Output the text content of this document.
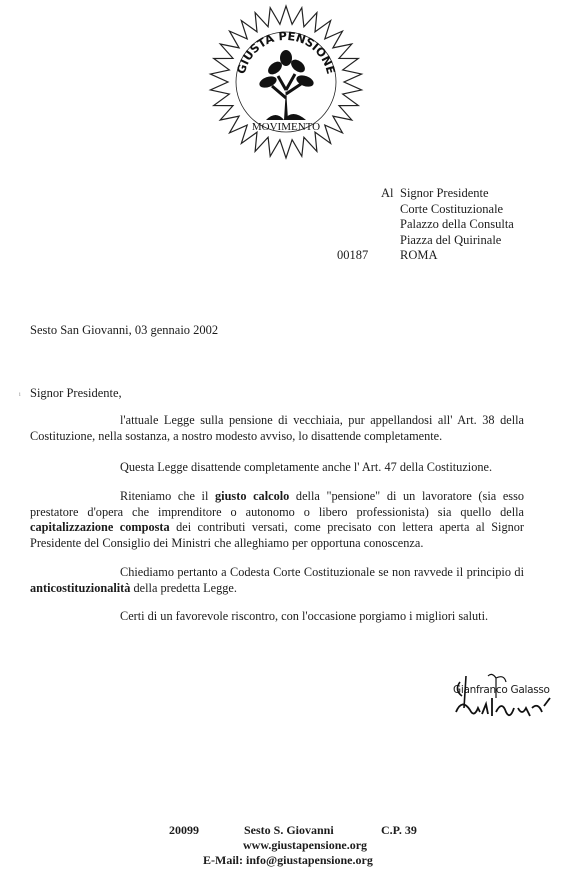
GIUSTA PENSIONE
MOVIMENTO
Al Signor Presidente
Corte Costituzionale
Palazzo della Consulta
Piazza del Quirinale
ROMA
00187
Sesto San Giovanni, 03 gennaio 2002
ᵢ Signor Presidente,
l'attuale Legge sulla pensione di vecchiaia, pur appellandosi all' Art. 38 della Costituzione, nella sostanza, a nostro modesto avviso, lo disattende completamente.
Questa Legge disattende completamente anche l' Art. 47 della Costituzione.
Riteniamo che il giusto calcolo della "pensione" di un lavoratore (sia esso prestatore d'opera che imprenditore o autonomo o libero professionista) sia quello della capitalizzazione composta dei contributi versati, come precisato con lettera aperta al Signor Presidente del Consiglio dei Ministri che alleghiamo per opportuna conoscenza.
Chiediamo pertanto a Codesta Corte Costituzionale se non ravvede il principio di anticostituzionalità della predetta Legge.
Certi di un favorevole riscontro, con l'occasione porgiamo i migliori saluti.
Gianfranco Galasso
20099	Sesto S. Giovanni	C.P. 39
www.giustapensione.org
E-Mail: info@giustapensione.org
